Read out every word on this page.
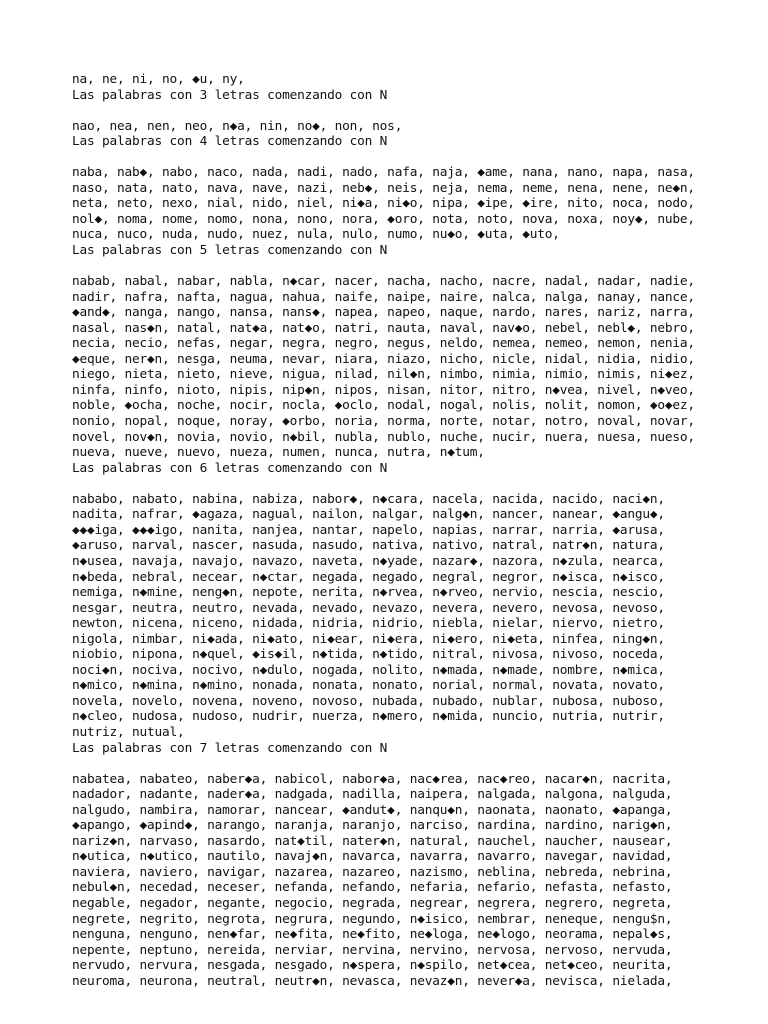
na, ne, ni, no, ◆u, ny,
Las palabras con 3 letras comenzando con N
nao, nea, nen, neo, n◆a, nin, no◆, non, nos,
Las palabras con 4 letras comenzando con N
naba, nab◆, nabo, naco, nada, nadi, nado, nafa, naja, ◆ame, nana, nano, napa, nasa,
naso, nata, nato, nava, nave, nazi, neb◆, neis, neja, nema, neme, nena, nene, ne◆n,
neta, neto, nexo, nial, nido, niel, ni◆a, ni◆o, nipa, ◆ipe, ◆ire, nito, noca, nodo,
nol◆, noma, nome, nomo, nona, nono, nora, ◆oro, nota, noto, nova, noxa, noy◆, nube,
nuca, nuco, nuda, nudo, nuez, nula, nulo, numo, nu◆o, ◆uta, ◆uto,
Las palabras con 5 letras comenzando con N
nabab, nabal, nabar, nabla, n◆car, nacer, nacha, nacho, nacre, nadal, nadar, nadie,
nadir, nafra, nafta, nagua, nahua, naife, naipe, naire, nalca, nalga, nanay, nance,
◆and◆, nanga, nango, nansa, nans◆, napea, napeo, naque, nardo, nares, nariz, narra,
nasal, nas◆n, natal, nat◆a, nat◆o, natri, nauta, naval, nav◆o, nebel, nebl◆, nebro,
necia, necio, nefas, negar, negra, negro, negus, neldo, nemea, nemeo, nemon, nenia,
◆eque, ner◆n, nesga, neuma, nevar, niara, niazo, nicho, nicle, nidal, nidia, nidio,
niego, nieta, nieto, nieve, nigua, nilad, nil◆n, nimbo, nimia, nimio, nimis, ni◆ez,
ninfa, ninfo, nioto, nipis, nip◆n, nipos, nisan, nitor, nitro, n◆vea, nivel, n◆veo,
noble, ◆ocha, noche, nocir, nocla, ◆oclo, nodal, nogal, nolis, nolit, nomon, ◆o◆ez,
nonio, nopal, noque, noray, ◆orbo, noria, norma, norte, notar, notro, noval, novar,
novel, nov◆n, novia, novio, n◆bil, nubla, nublo, nuche, nucir, nuera, nuesa, nueso,
nueva, nueve, nuevo, nueza, numen, nunca, nutra, n◆tum,
Las palabras con 6 letras comenzando con N
nababo, nabato, nabina, nabiza, nabor◆, n◆cara, nacela, nacida, nacido, naci◆n,
nadita, nafrar, ◆agaza, nagual, nailon, nalgar, nalg◆n, nancer, nanear, ◆angu◆,
◆◆◆iga, ◆◆◆igo, nanita, nanjea, nantar, napelo, napias, narrar, narria, ◆arusa,
◆aruso, narval, nascer, nasuda, nasudo, nativa, nativo, natral, natr◆n, natura,
n◆usea, navaja, navajo, navazo, naveta, n◆yade, nazar◆, nazora, n◆zula, nearca,
n◆beda, nebral, necear, n◆ctar, negada, negado, negral, negror, n◆isca, n◆isco,
nemiga, n◆mine, neng◆n, nepote, nerita, n◆rvea, n◆rveo, nervio, nescia, nescio,
nesgar, neutra, neutro, nevada, nevado, nevazo, nevera, nevero, nevosa, nevoso,
newton, nicena, niceno, nidada, nidria, nidrio, niebla, nielar, niervo, nietro,
nigola, nimbar, ni◆ada, ni◆ato, ni◆ear, ni◆era, ni◆ero, ni◆eta, ninfea, ning◆n,
niobio, nipona, n◆quel, ◆is◆il, n◆tida, n◆tido, nitral, nivosa, nivoso, noceda,
noci◆n, nociva, nocivo, n◆dulo, nogada, nolito, n◆mada, n◆made, nombre, n◆mica,
n◆mico, n◆mina, n◆mino, nonada, nonata, nonato, norial, normal, novata, novato,
novela, novelo, novena, noveno, novoso, nubada, nubado, nublar, nubosa, nuboso,
n◆cleo, nudosa, nudoso, nudrir, nuerza, n◆mero, n◆mida, nuncio, nutria, nutrir,
nutriz, nutual,
Las palabras con 7 letras comenzando con N
nabatea, nabateo, naber◆a, nabicol, nabor◆a, nac◆rea, nac◆reo, nacar◆n, nacrita,
nadador, nadante, nader◆a, nadgada, nadilla, naipera, nalgada, nalgona, nalguda,
nalgudo, nambira, namorar, nancear, ◆andut◆, nanqu◆n, naonata, naonato, ◆apanga,
◆apango, ◆apind◆, narango, naranja, naranjo, narciso, nardina, nardino, narig◆n,
nariz◆n, narvaso, nasardo, nat◆til, nater◆n, natural, nauchel, naucher, nausear,
n◆utica, n◆utico, nautilo, navaj◆n, navarca, navarra, navarro, navegar, navidad,
naviera, naviero, navigar, nazarea, nazareo, nazismo, neblina, nebreda, nebrina,
nebul◆n, necedad, neceser, nefanda, nefando, nefaria, nefario, nefasta, nefasto,
negable, negador, negante, negocio, negrada, negrear, negrera, negrero, negreta,
negrete, negrito, negrota, negrura, negundo, n◆isico, nembrar, neneque, nengu$n,
nenguna, nenguno, nen◆far, ne◆fita, ne◆fito, ne◆loga, ne◆logo, neorama, nepal◆s,
nepente, neptuno, nereida, nerviar, nervina, nervino, nervosa, nervoso, nervuda,
nervudo, nervura, nesgada, nesgado, n◆spera, n◆spilo, net◆cea, net◆ceo, neurita,
neuroma, neurona, neutral, neutr◆n, nevasca, nevaz◆n, never◆a, nevisca, nielada,
